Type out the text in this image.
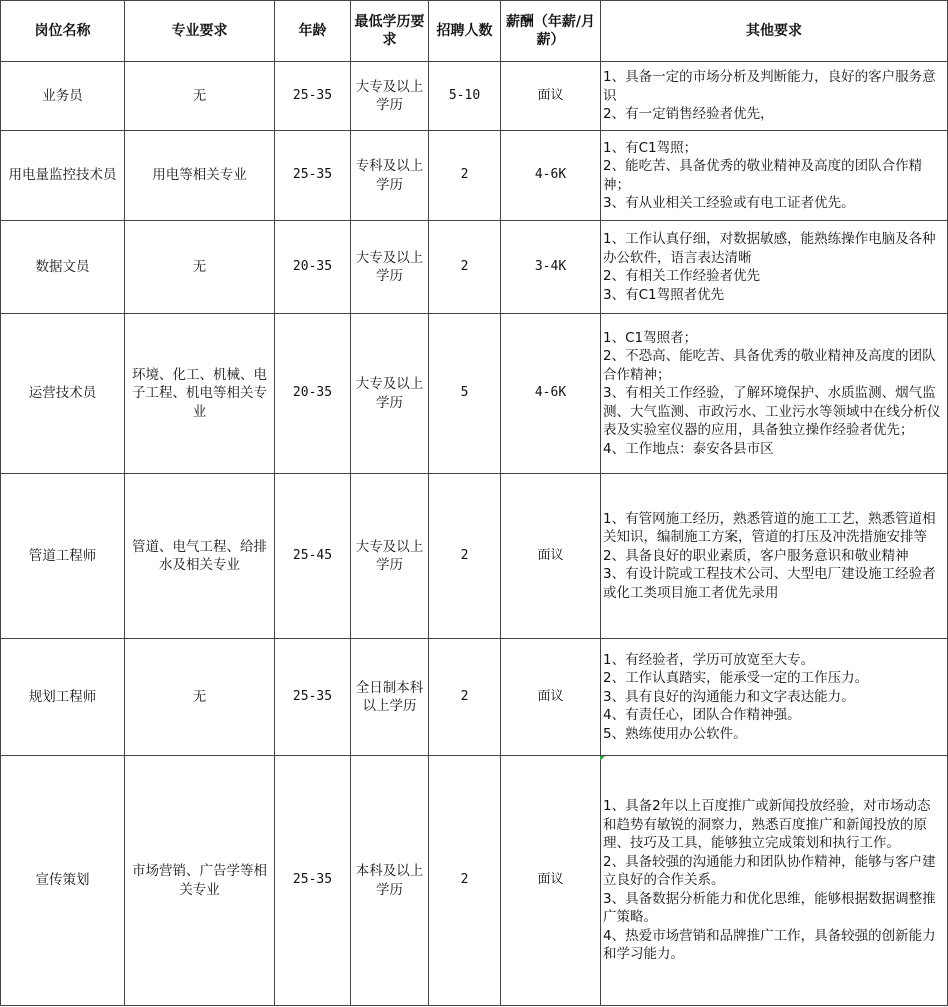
岗位名称	专业要求	年龄	最低学历要求	招聘人数	薪酬（年薪/月薪）	其他要求
业务员	无	25-35	大专及以上学历	5-10	面议	1、具备一定的市场分析及判断能力，良好的客户服务意识
2、有一定销售经验者优先，

用电量监控技术员	用电等相关专业	25-35	专科及以上学历	2	4-6K	1、有C1驾照；
2、能吃苦、具备优秀的敬业精神及高度的团队合作精神；
3、有从业相关工经验或有电工证者优先。

数据文员	无	20-35	大专及以上学历	2	3-4K	1、工作认真仔细，对数据敏感，能熟练操作电脑及各种办公软件，语言表达清晰
2、有相关工作经验者优先
3、有C1驾照者优先

运营技术员	环境、化工、机械、电子工程、机电等相关专业	20-35	大专及以上学历	5	4-6K	1、C1驾照者；
2、不恐高、能吃苦、具备优秀的敬业精神及高度的团队合作精神；
3、有相关工作经验，了解环境保护、水质监测、烟气监测、大气监测、市政污水、工业污水等领域中在线分析仪表及实验室仪器的应用，具备独立操作经验者优先；
4、工作地点：泰安各县市区

管道工程师	管道、电气工程、给排水及相关专业	25-45	大专及以上学历	2	面议	1、有管网施工经历，熟悉管道的施工工艺，熟悉管道相关知识，编制施工方案，管道的打压及冲洗措施安排等
2、具备良好的职业素质，客户服务意识和敬业精神
3、有设计院或工程技术公司、大型电厂建设施工经验者或化工类项目施工者优先录用

规划工程师	无	25-35	全日制本科以上学历	2	面议	1、有经验者，学历可放宽至大专。
2、工作认真踏实，能承受一定的工作压力。
3、具有良好的沟通能力和文字表达能力。
4、有责任心，团队合作精神强。
5、熟练使用办公软件。

宣传策划	市场营销、广告学等相关专业	25-35	本科及以上学历	2	面议	1、具备2年以上百度推广或新闻投放经验，对市场动态和趋势有敏锐的洞察力，熟悉百度推广和新闻投放的原理、技巧及工具，能够独立完成策划和执行工作。
2、具备较强的沟通能力和团队协作精神，能够与客户建立良好的合作关系。
3、具备数据分析能力和优化思维，能够根据数据调整推广策略。
4、热爱市场营销和品牌推广工作，具备较强的创新能力和学习能力。
